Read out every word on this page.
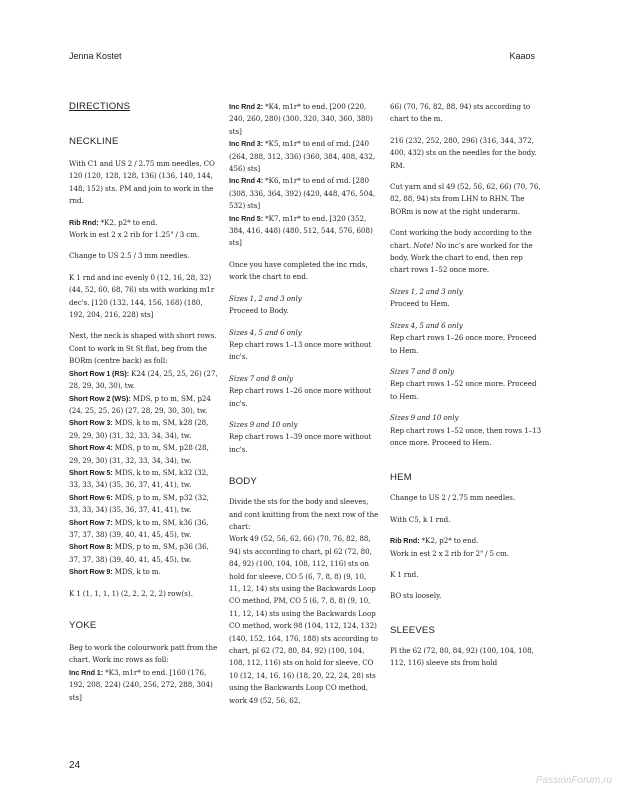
Jenna Kostet	Kaaos
DIRECTIONS
NECKLINE

With C1 and US 2 / 2.75 mm needles, CO 120 (120, 128, 128, 136) (136, 140, 144, 148, 152) sts. PM and join to work in the rnd.

Rib Rnd: *K2, p2* to end.

Work in est 2 x 2 rib for 1.25" / 3 cm.

Change to US 2.5 / 3 mm needles.

K 1 rnd and inc evenly 0 (12, 16, 28, 32) (44, 52, 60, 68, 76) sts with working m1r dec's. [120 (132, 144, 156, 168) (180, 192, 204, 216, 228) sts]

Next, the neck is shaped with short rows. Cont to work in St St flat, beg from the BORm (centre back) as foll:

Short Row 1 (RS): K24 (24, 25, 25, 26) (27, 28, 29, 30, 30), tw.

Short Row 2 (WS): MDS, p to m, SM, p24 (24, 25, 25, 26) (27, 28, 29, 30, 30), tw.

Short Row 3: MDS, k to m, SM, k28 (28, 29, 29, 30) (31, 32, 33, 34, 34), tw.

Short Row 4: MDS, p to m, SM, p28 (28, 29, 29, 30) (31, 32, 33, 34, 34), tw.

Short Row 5: MDS, k to m, SM, k32 (32, 33, 33, 34) (35, 36, 37, 41, 41), tw.

Short Row 6: MDS, p to m, SM, p32 (32, 33, 33, 34) (35, 36, 37, 41, 41), tw.

Short Row 7: MDS, k to m, SM, k36 (36, 37, 37, 38) (39, 40, 41, 45, 45), tw.

Short Row 8: MDS, p to m, SM, p36 (36, 37, 37, 38) (39, 40, 41, 45, 45), tw.

Short Row 9: MDS, k to m.

K 1 (1, 1, 1, 1) (2, 2, 2, 2, 2) row(s).

YOKE

Beg to work the colourwork patt from the chart. Work inc rows as foll:

Inc Rnd 1: *K3, m1r* to end. [160 (176, 192, 208, 224) (240, 256, 272, 288, 304) sts]

Inc Rnd 2: *K4, m1r* to end. [200 (220, 240, 260, 280) (300, 320, 340, 360, 380) sts]

Inc Rnd 3: *K5, m1r* to end of rnd. [240 (264, 288, 312, 336) (360, 384, 408, 432, 456) sts]

Inc Rnd 4: *K6, m1r* to end of rnd. [280 (308, 336, 364, 392) (420, 448, 476, 504, 532) sts]

Inc Rnd 5: *K7, m1r* to end. [320 (352, 384, 416, 448) (480, 512, 544, 576, 608) sts]

Once you have completed the inc rnds, work the chart to end.

Sizes 1, 2 and 3 only

Proceed to Body.

Sizes 4, 5 and 6 only

Rep chart rows 1–13 once more without inc's.

Sizes 7 and 8 only

Rep chart rows 1–26 once more without inc's.

Sizes 9 and 10 only

Rep chart rows 1–39 once more without inc's.

BODY

Divide the sts for the body and sleeves, and cont knitting from the next row of the chart:

Work 49 (52, 56, 62, 66) (70, 76, 82, 88, 94) sts according to chart, pl 62 (72, 80, 84, 92) (100, 104, 108, 112, 116) sts on hold for sleeve, CO 5 (6, 7, 8, 8) (9, 10, 11, 12, 14) sts using the Backwards Loop CO method, PM, CO 5 (6, 7, 8, 8) (9, 10, 11, 12, 14) sts using the Backwards Loop CO method, work 98 (104, 112, 124, 132) (140, 152, 164, 176, 188) sts according to chart, pl 62 (72, 80, 84, 92) (100, 104, 108, 112, 116) sts on hold for sleeve, CO 10 (12, 14, 16, 16) (18, 20, 22, 24, 28) sts using the Backwards Loop CO method, work 49 (52, 56, 62,

66) (70, 76, 82, 88, 94) sts according to chart to the m.

216 (232, 252, 280, 296) (316, 344, 372, 400, 432) sts on the needles for the body. RM.

Cut yarn and sl 49 (52, 56, 62, 66) (70, 76, 82, 88, 94) sts from LHN to RHN. The BORm is now at the right underarm.

Cont working the body according to the chart. Note! No inc's are worked for the body. Work the chart to end, then rep chart rows 1–52 once more.

Sizes 1, 2 and 3 only

Proceed to Hem.

Sizes 4, 5 and 6 only

Rep chart rows 1–26 once more. Proceed to Hem.

Sizes 7 and 8 only

Rep chart rows 1–52 once more. Proceed to Hem.

Sizes 9 and 10 only

Rep chart rows 1–52 once, then rows 1–13 once more. Proceed to Hem.

HEM

Change to US 2 / 2.75 mm needles.

With C5, k 1 rnd.

Rib Rnd: *K2, p2* to end.

Work in est 2 x 2 rib for 2" / 5 cm.

K 1 rnd.

BO sts loosely.

SLEEVES

Pl the 62 (72, 80, 84, 92) (100, 104, 108, 112, 116) sleeve sts from hold

24
PassionForum.ru
